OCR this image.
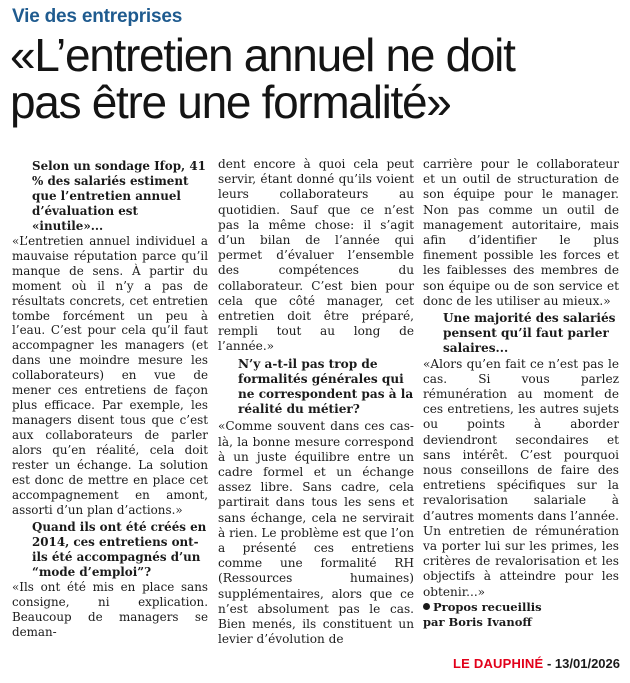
Vie des entreprises
«L’entretien annuel ne doit
pas être une formalité»

Selon un sondage Ifop, 41 % des salariés estiment que l’entretien annuel d’évaluation est «inutile»...

«L’entretien annuel individuel a mauvaise réputation parce qu’il manque de sens. À partir du moment où il n’y a pas de résultats concrets, cet entretien tombe forcément un peu à l’eau. C’est pour cela qu’il faut accompagner les managers (et dans une moindre mesure les collaborateurs) en vue de mener ces entretiens de façon plus efficace. Par exemple, les managers disent tous que c’est aux collaborateurs de parler alors qu’en réalité, cela doit rester un échange. La solution est donc de mettre en place cet accompagnement en amont, assorti d’un plan d’actions.»

Quand ils ont été créés en 2014, ces entretiens ont-ils été accompagnés d’un “mode d’emploi”?

«Ils ont été mis en place sans consigne, ni explication. Beaucoup de managers se deman-

dent encore à quoi cela peut servir, étant donné qu’ils voient leurs collaborateurs au quotidien. Sauf que ce n’est pas la même chose: il s’agit d’un bilan de l’année qui permet d’évaluer l’ensemble des compétences du collaborateur. C’est bien pour cela que côté manager, cet entretien doit être préparé, rempli tout au long de l’année.»

N’y a-t-il pas trop de formalités générales qui ne correspondent pas à la réalité du métier?

«Comme souvent dans ces cas-là, la bonne mesure correspond à un juste équilibre entre un cadre formel et un échange assez libre. Sans cadre, cela partirait dans tous les sens et sans échange, cela ne servirait à rien. Le problème est que l’on a présenté ces entretiens comme une formalité RH (Ressources humaines) supplémentaires, alors que ce n’est absolument pas le cas. Bien menés, ils constituent un levier d’évolution de

carrière pour le collaborateur et un outil de structuration de son équipe pour le manager. Non pas comme un outil de management autoritaire, mais afin d’identifier le plus finement possible les forces et les faiblesses des membres de son équipe ou de son service et donc de les utiliser au mieux.»

Une majorité des salariés pensent qu’il faut parler salaires...

«Alors qu’en fait ce n’est pas le cas. Si vous parlez rémunération au moment de ces entretiens, les autres sujets ou points à aborder deviendront secondaires et sans intérêt. C’est pourquoi nous conseillons de faire des entretiens spécifiques sur la revalorisation salariale à d’autres moments dans l’année. Un entretien de rémunération va porter lui sur les primes, les critères de revalorisation et les objectifs à atteindre pour les obtenir...»

Propos recueillis

par Boris Ivanoff

LE DAUPHINÉ - 13/01/2026
